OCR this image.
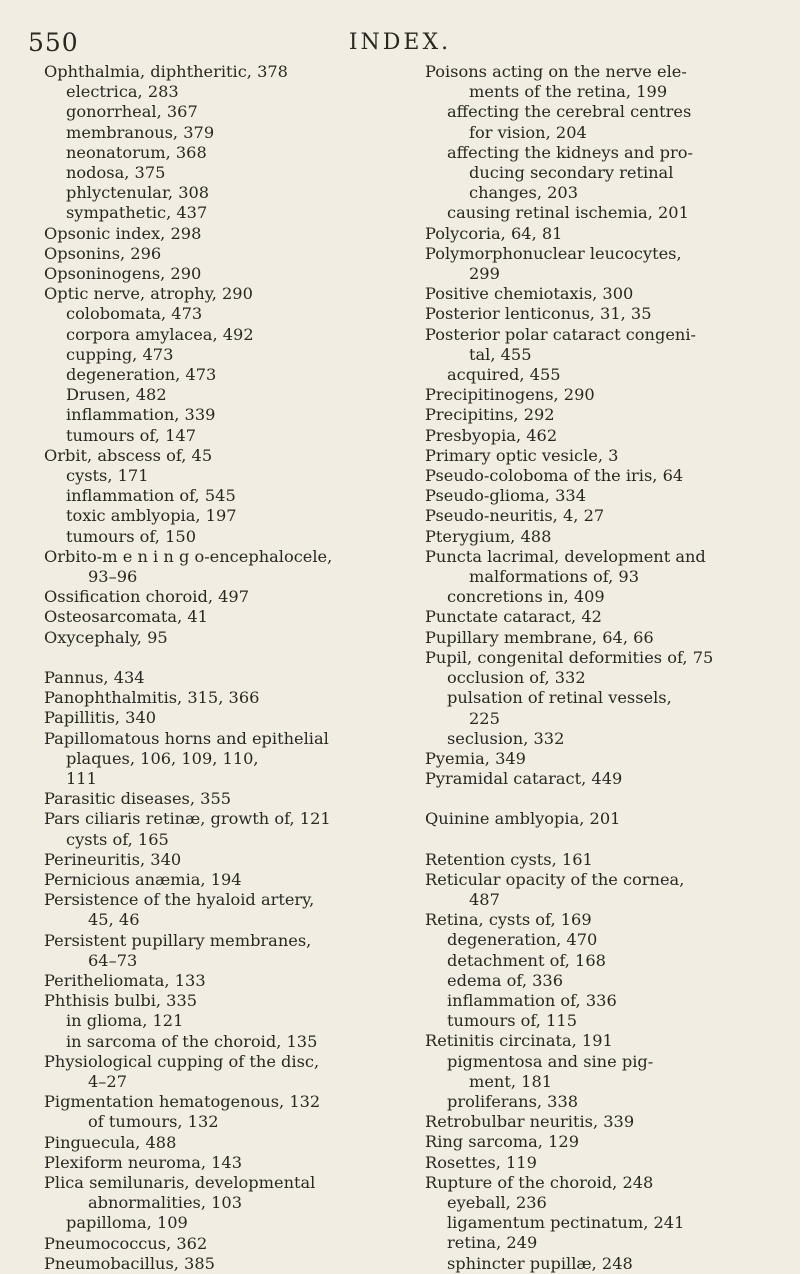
550	INDEX.
Ophthalmia, diphtheritic, 378
electrica, 283
gonorrheal, 367
membranous, 379
neonatorum, 368
nodosa, 375
phlyctenular, 308
sympathetic, 437
Opsonic index, 298
Opsonins, 296
Opsoninogens, 290
Optic nerve, atrophy, 290
colobomata, 473
corpora amylacea, 492
cupping, 473
degeneration, 473
Drusen, 482
inflammation, 339
tumours of, 147
Orbit, abscess of, 45
cysts, 171
inflammation of, 545
toxic amblyopia, 197
tumours of, 150
Orbito-m e n i n g o-encephalocele,
93–96
Ossification choroid, 497
Osteosarcomata, 41
Oxycephaly, 95
Pannus, 434
Panophthalmitis, 315, 366
Papillitis, 340
Papillomatous horns and epithelial
plaques, 106, 109, 110,
111
Parasitic diseases, 355
Pars ciliaris retinæ, growth of, 121
cysts of, 165
Perineuritis, 340
Pernicious anæmia, 194
Persistence of the hyaloid artery,
45, 46
Persistent pupillary membranes,
64–73
Peritheliomata, 133
Phthisis bulbi, 335
in glioma, 121
in sarcoma of the choroid, 135
Physiological cupping of the disc,
4–27
Pigmentation hematogenous, 132
of tumours, 132
Pinguecula, 488
Plexiform neuroma, 143
Plica semilunaris, developmental
abnormalities, 103
papilloma, 109
Pneumococcus, 362
Pneumobacillus, 385
Poisons acting on the nerve ele-
ments of the retina, 199
affecting the cerebral centres
for vision, 204
affecting the kidneys and pro-
ducing secondary retinal
changes, 203
causing retinal ischemia, 201
Polycoria, 64, 81
Polymorphonuclear leucocytes,
299
Positive chemiotaxis, 300
Posterior lenticonus, 31, 35
Posterior polar cataract congeni-
tal, 455
acquired, 455
Precipitinogens, 290
Precipitins, 292
Presbyopia, 462
Primary optic vesicle, 3
Pseudo-coloboma of the iris, 64
Pseudo-glioma, 334
Pseudo-neuritis, 4, 27
Pterygium, 488
Puncta lacrimal, development and
malformations of, 93
concretions in, 409
Punctate cataract, 42
Pupillary membrane, 64, 66
Pupil, congenital deformities of, 75
occlusion of, 332
pulsation of retinal vessels,
225
seclusion, 332
Pyemia, 349
Pyramidal cataract, 449
Quinine amblyopia, 201
Retention cysts, 161
Reticular opacity of the cornea,
487
Retina, cysts of, 169
degeneration, 470
detachment of, 168
edema of, 336
inflammation of, 336
tumours of, 115
Retinitis circinata, 191
pigmentosa and sine pig-
ment, 181
proliferans, 338
Retrobulbar neuritis, 339
Ring sarcoma, 129
Rosettes, 119
Rupture of the choroid, 248
eyeball, 236
ligamentum pectinatum, 241
retina, 249
sphincter pupillæ, 248
